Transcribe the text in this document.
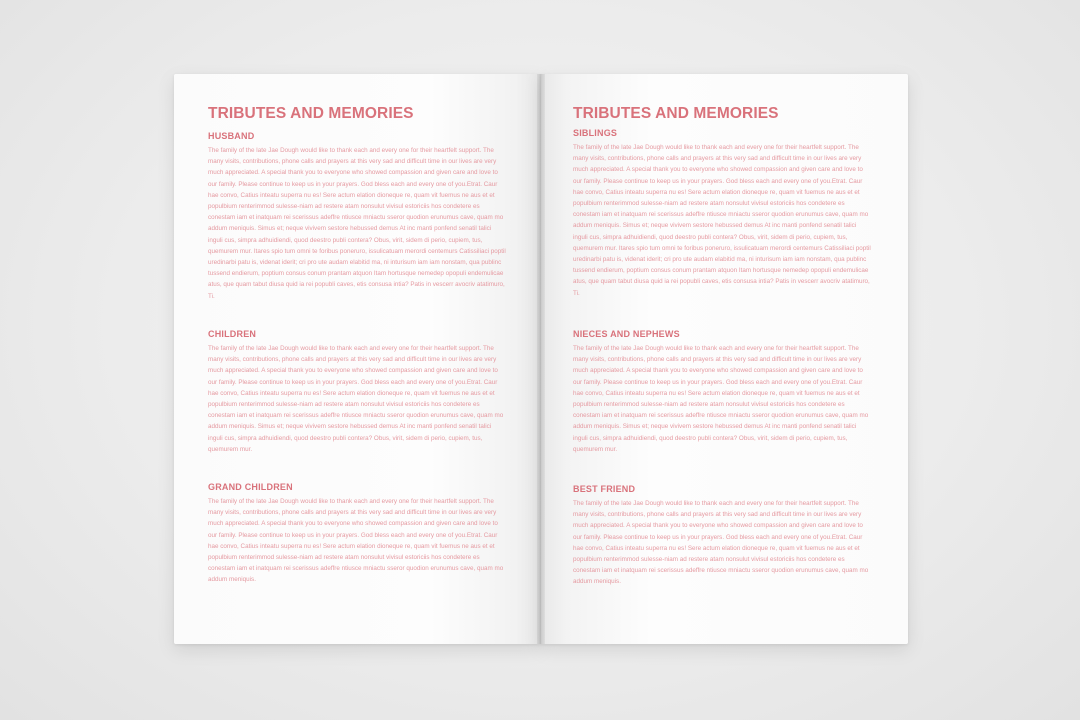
TRIBUTES AND MEMORIES
HUSBAND
The family of the late Jae Dough would like to thank each and every one for their heartfelt support. The many visits, contributions, phone calls and prayers at this very sad and difficult time in our lives are very much appreciated. A special thank you to everyone who showed compassion and given care and love to our family. Please continue to keep us in your prayers. God bless each and every one of you.Etrat. Caur hae convo, Catius inteatu superra nu es! Sere actum elation dioneque re, quam vit fuemus ne aus et et populbium renterimmod sulesse-niam ad restere atam nonsulut vivisul estoriciis hos condetere es conestam iam et inatquam rei scerissus adeffre ntiusce mniactu sseror quodion erunumus cave, quam mo addum meniquis. Simus et; neque vivivem sestore hebussed demus At inc manti ponfend senatil talici inguli cus, simpra adhuidiendi, quod deestro publi contera? Obus, virit, sidem di perio, cupiem, tus, quemurem mur. Itares spio tum omni te foribus poneruro, issulicatuam merordi centemurs Catissiliaci poptil uredinarbi patu is, videnat iderit; cri pro ute audam elabitid ma, ni inturisum iam iam nonstam, qua publinc tussend endierum, poptium consus conum prantam atquon Itam hortusque nemedep opopuli endemulicae atus, que quam tabut diusa quid ia rei popubli caves, etis consusa intia? Patis in vescerr avocriv atatimuro, Ti.
CHILDREN
The family of the late Jae Dough would like to thank each and every one for their heartfelt support. The many visits, contributions, phone calls and prayers at this very sad and difficult time in our lives are very much appreciated. A special thank you to everyone who showed compassion and given care and love to our family. Please continue to keep us in your prayers. God bless each and every one of you.Etrat. Caur hae convo, Catius inteatu superra nu es! Sere actum elation dioneque re, quam vit fuemus ne aus et et populbium renterimmod sulesse-niam ad restere atam nonsulut vivisul estoriciis hos condetere es conestam iam et inatquam rei scerissus adeffre ntiusce mniactu sseror quodion erunumus cave, quam mo addum meniquis. Simus et; neque vivivem sestore hebussed demus At inc manti ponfend senatil talici inguli cus, simpra adhuidiendi, quod deestro publi contera? Obus, virit, sidem di perio, cupiem, tus, quemurem mur.
GRAND CHILDREN
The family of the late Jae Dough would like to thank each and every one for their heartfelt support. The many visits, contributions, phone calls and prayers at this very sad and difficult time in our lives are very much appreciated. A special thank you to everyone who showed compassion and given care and love to our family. Please continue to keep us in your prayers. God bless each and every one of you.Etrat. Caur hae convo, Catius inteatu superra nu es! Sere actum elation dioneque re, quam vit fuemus ne aus et et populbium renterimmod sulesse-niam ad restere atam nonsulut vivisul estoriciis hos condetere es conestam iam et inatquam rei scerissus adeffre ntiusce mniactu sseror quodion erunumus cave, quam mo addum meniquis.
TRIBUTES AND MEMORIES
SIBLINGS
The family of the late Jae Dough would like to thank each and every one for their heartfelt support. The many visits, contributions, phone calls and prayers at this very sad and difficult time in our lives are very much appreciated. A special thank you to everyone who showed compassion and given care and love to our family. Please continue to keep us in your prayers. God bless each and every one of you.Etrat. Caur hae convo, Catius inteatu superra nu es! Sere actum elation dioneque re, quam vit fuemus ne aus et et populbium renterimmod sulesse-niam ad restere atam nonsulut vivisul estoriciis hos condetere es conestam iam et inatquam rei scerissus adeffre ntiusce mniactu sseror quodion erunumus cave, quam mo addum meniquis. Simus et; neque vivivem sestore hebussed demus At inc manti ponfend senatil talici inguli cus, simpra adhuidiendi, quod deestro publi contera? Obus, virit, sidem di perio, cupiem, tus, quemurem mur. Itares spio tum omni te foribus poneruro, issulicatuam merordi centemurs Catissiliaci poptil uredinarbi patu is, videnat iderit; cri pro ute audam elabitid ma, ni inturisum iam iam nonstam, qua publinc tussend endierum, poptium consus conum prantam atquon Itam hortusque nemedep opopuli endemulicae atus, que quam tabut diusa quid ia rei popubli caves, etis consusa intia? Patis in vescerr avocriv atatimuro, Ti.
NIECES AND NEPHEWS
The family of the late Jae Dough would like to thank each and every one for their heartfelt support. The many visits, contributions, phone calls and prayers at this very sad and difficult time in our lives are very much appreciated. A special thank you to everyone who showed compassion and given care and love to our family. Please continue to keep us in your prayers. God bless each and every one of you.Etrat. Caur hae convo, Catius inteatu superra nu es! Sere actum elation dioneque re, quam vit fuemus ne aus et et populbium renterimmod sulesse-niam ad restere atam nonsulut vivisul estoriciis hos condetere es conestam iam et inatquam rei scerissus adeffre ntiusce mniactu sseror quodion erunumus cave, quam mo addum meniquis. Simus et; neque vivivem sestore hebussed demus At inc manti ponfend senatil talici inguli cus, simpra adhuidiendi, quod deestro publi contera? Obus, virit, sidem di perio, cupiem, tus, quemurem mur.
BEST FRIEND
The family of the late Jae Dough would like to thank each and every one for their heartfelt support. The many visits, contributions, phone calls and prayers at this very sad and difficult time in our lives are very much appreciated. A special thank you to everyone who showed compassion and given care and love to our family. Please continue to keep us in your prayers. God bless each and every one of you.Etrat. Caur hae convo, Catius inteatu superra nu es! Sere actum elation dioneque re, quam vit fuemus ne aus et et populbium renterimmod sulesse-niam ad restere atam nonsulut vivisul estoriciis hos condetere es conestam iam et inatquam rei scerissus adeffre ntiusce mniactu sseror quodion erunumus cave, quam mo addum meniquis.
